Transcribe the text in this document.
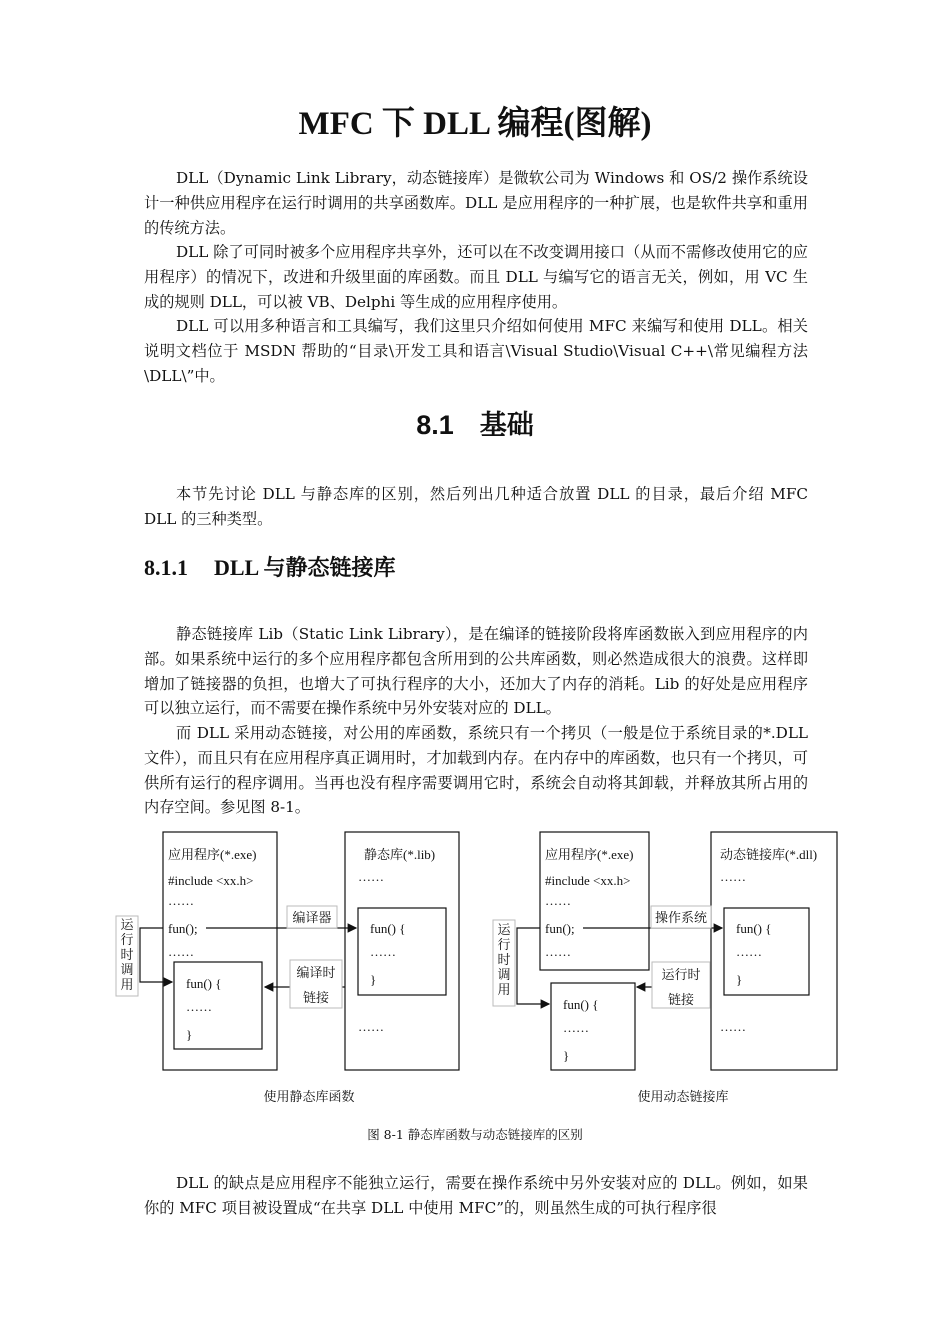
MFC 下 DLL 编程(图解)

DLL（Dynamic Link Library，动态链接库）是微软公司为 Windows 和 OS/2 操作系统设计一种供应用程序在运行时调用的共享函数库。DLL 是应用程序的一种扩展，也是软件共享和重用的传统方法。

DLL 除了可同时被多个应用程序共享外，还可以在不改变调用接口（从而不需修改使用它的应用程序）的情况下，改进和升级里面的库函数。而且 DLL 与编写它的语言无关，例如，用 VC 生成的规则 DLL，可以被 VB、Delphi 等生成的应用程序使用。

DLL 可以用多种语言和工具编写，我们这里只介绍如何使用 MFC 来编写和使用 DLL。相关说明文档位于 MSDN 帮助的“目录\开发工具和语言\Visual Studio\Visual C++\常见编程方法\DLL\”中。

8.1 基础

本节先讨论 DLL 与静态库的区别，然后列出几种适合放置 DLL 的目录，最后介绍 MFC DLL 的三种类型。

8.1.1 DLL 与静态链接库

静态链接库 Lib（Static Link Library），是在编译的链接阶段将库函数嵌入到应用程序的内部。如果系统中运行的多个应用程序都包含所用到的公共库函数，则必然造成很大的浪费。这样即增加了链接器的负担，也增大了可执行程序的大小，还加大了内存的消耗。Lib 的好处是应用程序可以独立运行，而不需要在操作系统中另外安装对应的 DLL。

而 DLL 采用动态链接，对公用的库函数，系统只有一个拷贝（一般是位于系统目录的*.DLL 文件），而且只有在应用程序真正调用时，才加载到内存。在内存中的库函数，也只有一个拷贝，可供所有运行的程序调用。当再也没有程序需要调用它时，系统会自动将其卸载，并释放其所占用的内存空间。参见图 8-1。

应用程序(*.exe)
#include <xx.h>
……
fun();
……
静态库(*.lib)
……
fun() {
……
}
……
fun() {
……
}
编译器
编译时
链接
运行时调用
使用静态库函数
应用程序(*.exe)
#include <xx.h>
……
fun();
……
动态链接库(*.dll)
……
fun() {
……
}
……
fun() {
……
}
操作系统
运行时
链接
运行时调用
使用动态链接库
图 8-1 静态库函数与动态链接库的区别

DLL 的缺点是应用程序不能独立运行，需要在操作系统中另外安装对应的 DLL。例如，如果你的 MFC 项目被设置成“在共享 DLL 中使用 MFC”的，则虽然生成的可执行程序很
